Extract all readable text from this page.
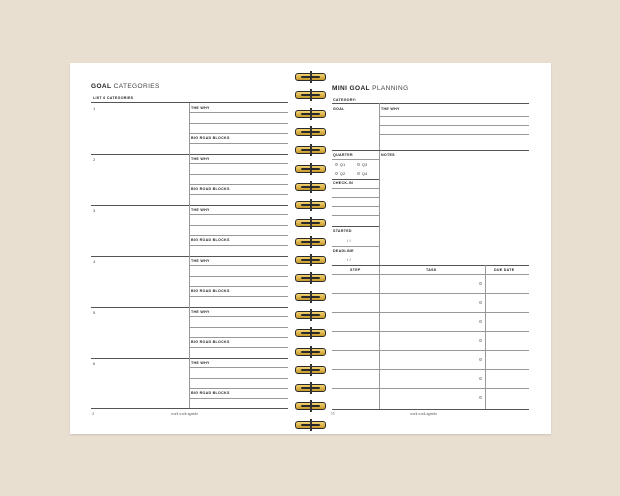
GOAL CATEGORIES
LIST 6 CATEGORIES
1	THE WHY
BIG ROAD BLOCKS
2	THE WHY
BIG ROAD BLOCKS
3	THE WHY
BIG ROAD BLOCKS
4	THE WHY
BIG ROAD BLOCKS
5	THE WHY
BIG ROAD BLOCKS
6	THE WHY
BIG ROAD BLOCKS
4	work work agenda
MINI GOAL PLANNING
CATEGORY:
GOAL	THE WHY
QUARTER	NOTES
Q1	Q3
Q2	Q4
CHECK-IN
STARTED
/ /
DEADLINE
/ /
STEP	TASK	DUE DATE
15	work work agenda
